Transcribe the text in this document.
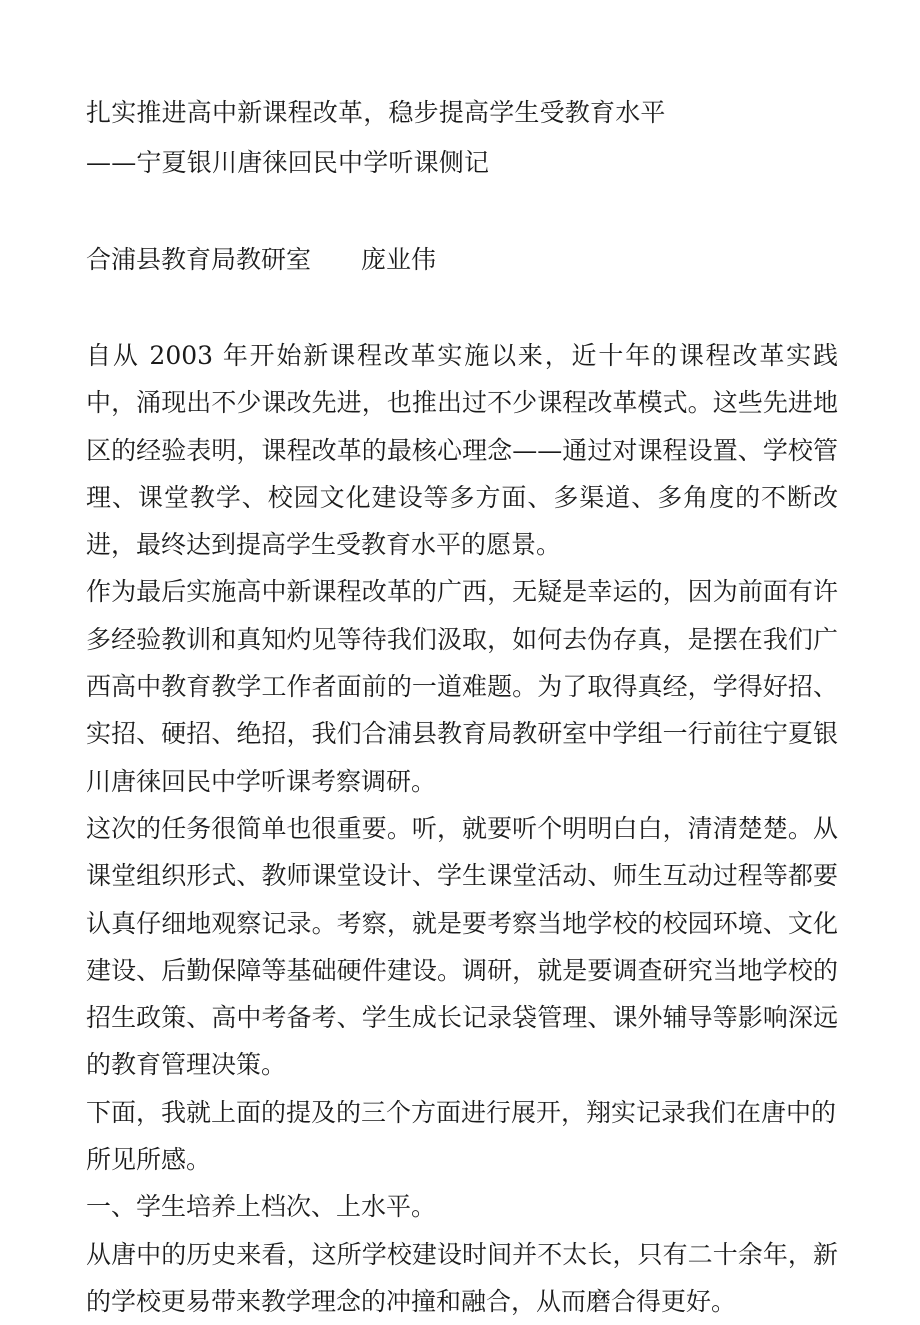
扎实推进高中新课程改革，稳步提高学生受教育水平
——宁夏银川唐徕回民中学听课侧记
合浦县教育局教研室　　庞业伟

自从 2003 年开始新课程改革实施以来，近十年的课程改革实践中，涌现出不少课改先进，也推出过不少课程改革模式。这些先进地区的经验表明，课程改革的最核心理念——通过对课程设置、学校管理、课堂教学、校园文化建设等多方面、多渠道、多角度的不断改进，最终达到提高学生受教育水平的愿景。

作为最后实施高中新课程改革的广西，无疑是幸运的，因为前面有许多经验教训和真知灼见等待我们汲取，如何去伪存真，是摆在我们广西高中教育教学工作者面前的一道难题。为了取得真经，学得好招、实招、硬招、绝招，我们合浦县教育局教研室中学组一行前往宁夏银川唐徕回民中学听课考察调研。

这次的任务很简单也很重要。听，就要听个明明白白，清清楚楚。从课堂组织形式、教师课堂设计、学生课堂活动、师生互动过程等都要认真仔细地观察记录。考察，就是要考察当地学校的校园环境、文化建设、后勤保障等基础硬件建设。调研，就是要调查研究当地学校的招生政策、高中考备考、学生成长记录袋管理、课外辅导等影响深远的教育管理决策。

下面，我就上面的提及的三个方面进行展开，翔实记录我们在唐中的所见所感。

一、学生培养上档次、上水平。

从唐中的历史来看，这所学校建设时间并不太长，只有二十余年，新的学校更易带来教学理念的冲撞和融合，从而磨合得更好。
